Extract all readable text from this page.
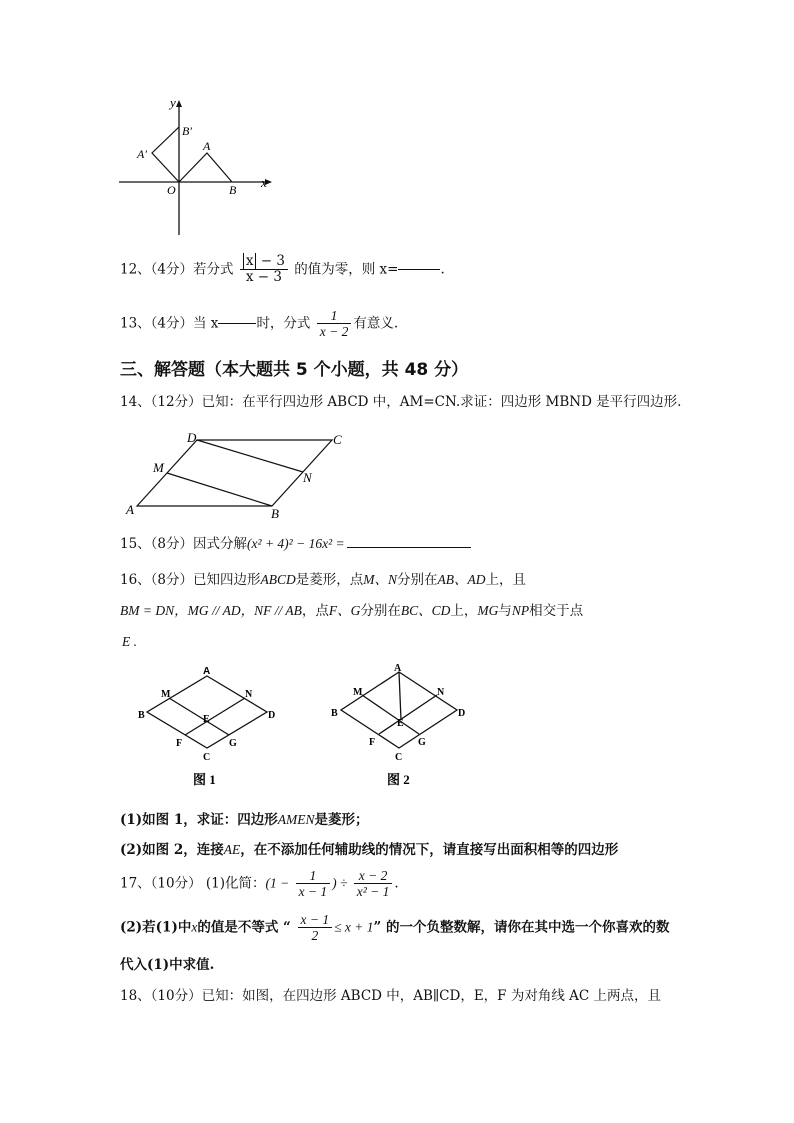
y
x
B′
A′
A
O	B
12、（4分）若分式 $\frac{x - 3}{x - 3}$ 的值为零，则 x=	.
13、（4分）当 x	时，分式 $\frac{1}{x - 2}$ 有意义.
三、解答题（本大题共 5 个小题，共 48 分）
14、（12分）已知：在平行四边形 ABCD 中，AM=CN.求证：四边形 MBND 是平行四边形.
D	C
M
N
A	B
15、（8分）因式分解(x² + 4)² − 16x² =
16、（8分）已知四边形ABCD是菱形，点M、N分别在AB、AD上，且
BM = DN，MG // AD，NF // AB，点F、G分别在BC、CD上，MG与NP相交于点
E .
A
M	N
B	E	D
F	G
C
图 1
A
M	N
B
E
D
F	G
C
图 2
(1)如图 1，求证：四边形AMEN是菱形；
(2)如图 2，连接AE，在不添加任何辅助线的情况下，请直接写出面积相等的四边形
17、（10分） (1)化简：($1 - \frac{1}{x - 1}$ ) ÷ $\frac{x - 2}{\text{x² − 1}}$ .
(2)若(1)中x的值是不等式 “ $\frac{x - 1}{2} \le x + 1$” 的一个负整数解，请你在其中选一个你喜欢的数
代入(1)中求值.
18、（10分）已知：如图，在四边形 ABCD 中，AB∥CD，E，F 为对角线 AC 上两点，且
